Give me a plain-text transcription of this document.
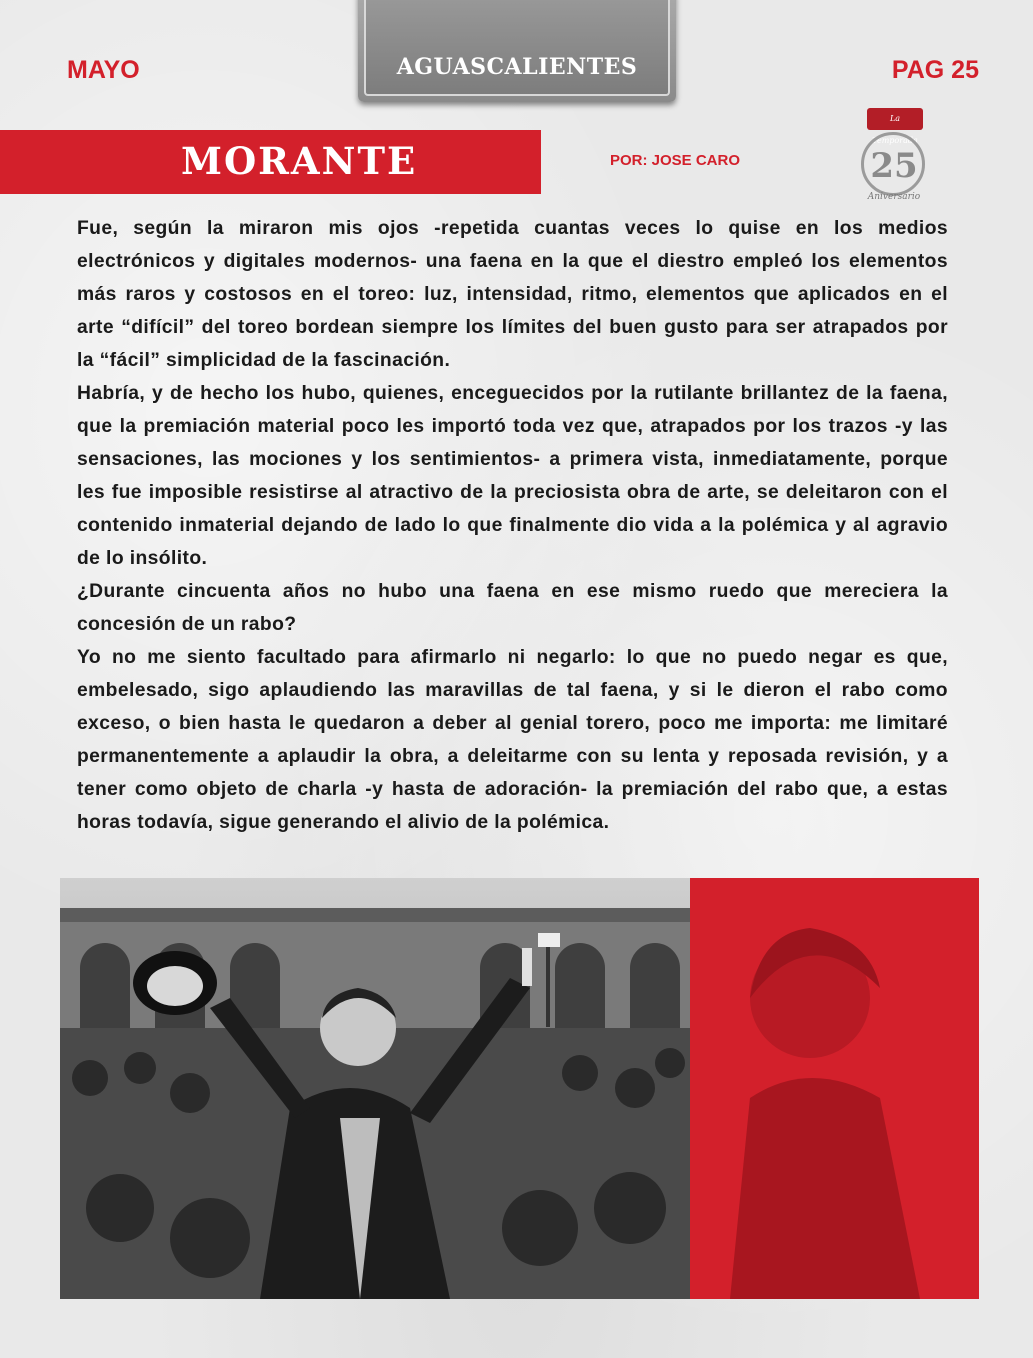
MAYO	AGUASCALIENTES	PAG 25
MORANTE	POR: JOSE CARO
La Temporada
25
Aniversario

Fue, según la miraron mis ojos -repetida cuantas veces lo quise en los medios electrónicos y digitales modernos- una faena en la que el diestro empleó los elementos más raros y costosos en el toreo: luz, intensidad, ritmo, elementos que aplicados en el arte “difícil” del toreo bordean siempre los límites del buen gusto para ser atrapados por la “fácil” simplicidad de la fascinación.

Habría, y de hecho los hubo, quienes, enceguecidos por la rutilante brillantez de la faena, que la premiación material poco les importó toda vez que, atrapados por los trazos -y las sensaciones, las mociones y los sentimientos- a primera vista, inmediatamente, porque les fue imposible resistirse al atractivo de la preciosista obra de arte, se deleitaron con el contenido inmaterial dejando de lado lo que finalmente dio vida a la polémica y al agravio de lo insólito.

¿Durante cincuenta años no hubo una faena en ese mismo ruedo que mereciera la concesión de un rabo?

Yo no me siento facultado para afirmarlo ni negarlo: lo que no puedo negar es que, embelesado, sigo aplaudiendo las maravillas de tal faena, y si le dieron el rabo como exceso, o bien hasta le quedaron a deber al genial torero, poco me importa: me limitaré permanentemente a aplaudir la obra, a deleitarme con su lenta y reposada revisión, y a tener como objeto de charla -y hasta de adoración- la premiación del rabo que, a estas horas todavía, sigue generando el alivio de la polémica.
